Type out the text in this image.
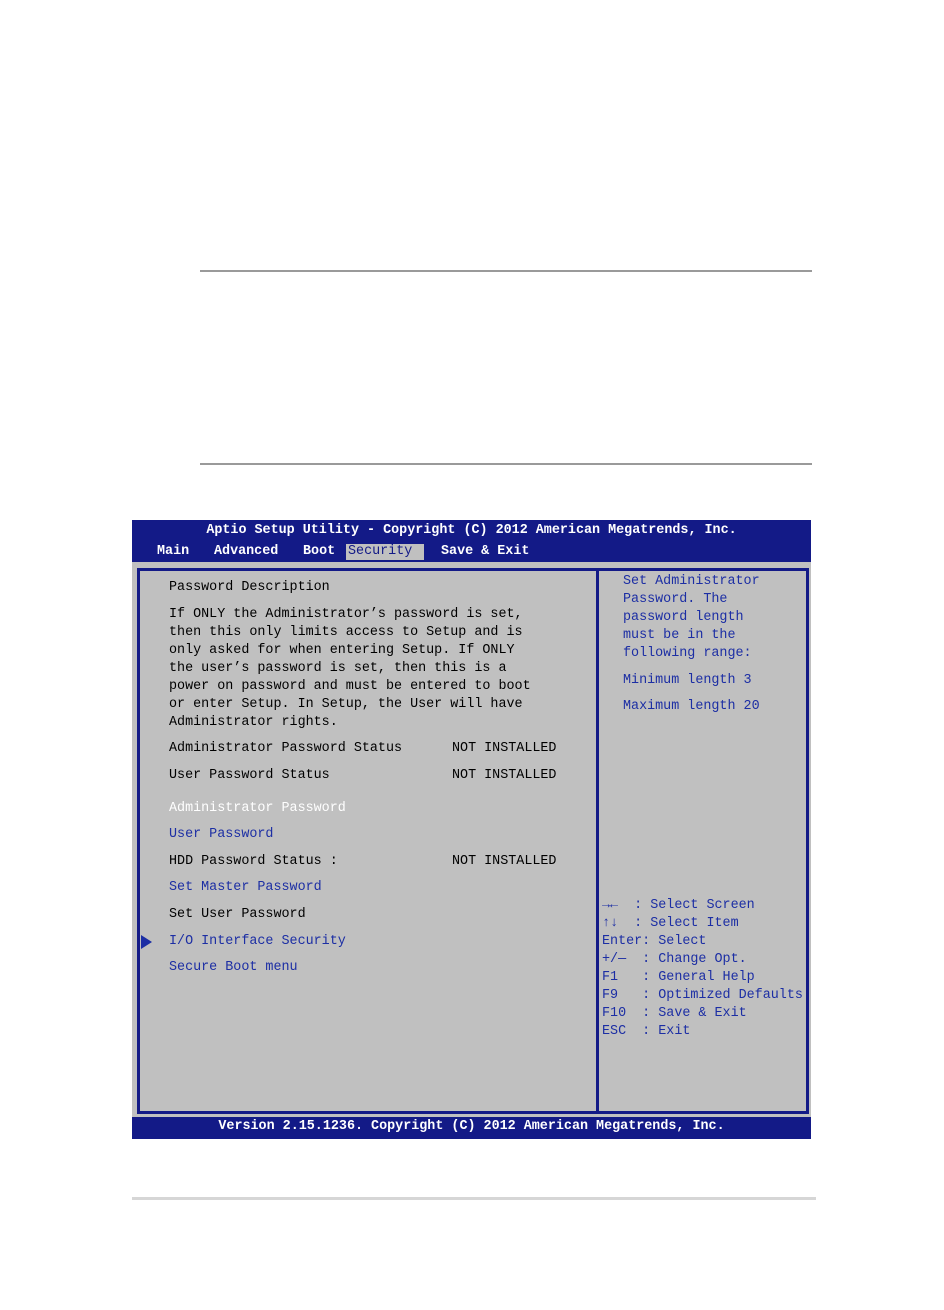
Aptio Setup Utility - Copyright (C) 2012 American Megatrends, Inc.
Main Advanced Boot Security	Save & Exit
Password Description
If ONLY the Administrator’s password is set,
then this only limits access to Setup and is
only asked for when entering Setup. If ONLY
the user’s password is set, then this is a
power on password and must be entered to boot
or enter Setup. In Setup, the User will have
Administrator rights.
Administrator Password Status	NOT INSTALLED
User Password Status	NOT INSTALLED
Administrator Password
User Password
HDD Password Status :	NOT INSTALLED
Set Master Password
Set User Password
I/O Interface Security
Secure Boot menu
Set Administrator
Password. The
password length
must be in the
following range:
Minimum length 3
Maximum length 20
→←  : Select Screen
↑↓  : Select Item
Enter: Select
+/—  : Change Opt.
F1   : General Help
F9   : Optimized Defaults
F10  : Save & Exit
ESC  : Exit
Version 2.15.1236. Copyright (C) 2012 American Megatrends, Inc.
